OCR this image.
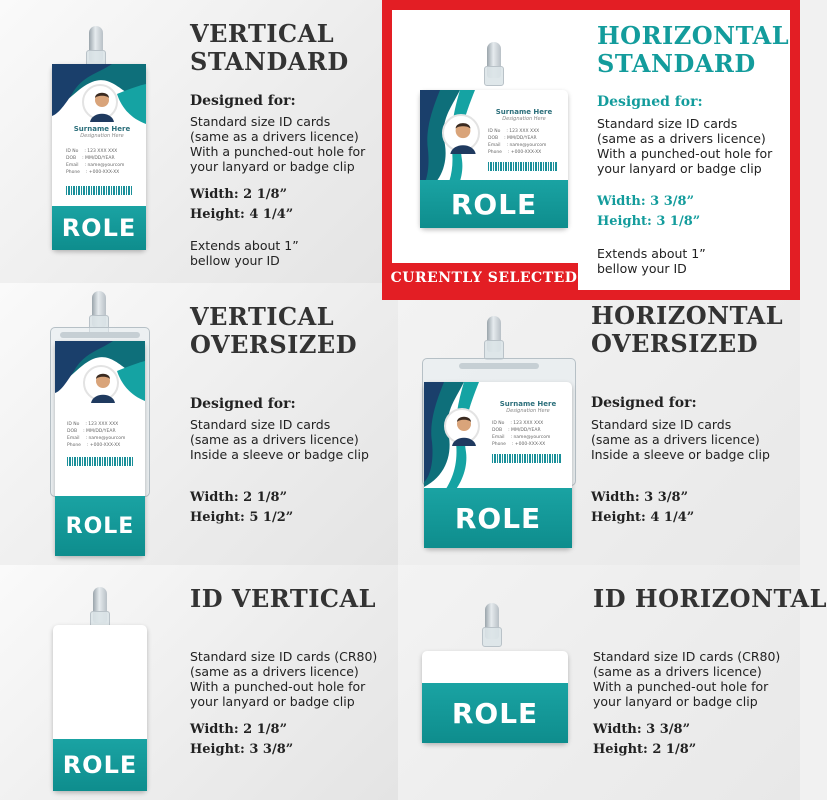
Surname Here
Designation Here
ID No : 123 XXX XXX
DOB : MM/DD/YEAR
Email : name@yourcom
Phone : +000-XXX-XX
ROLE
VERTICAL
STANDARD
Designed for:
Standard size ID cards
(same as a drivers licence)
With a punched-out hole for
your lanyard or badge clip
Width: 2 1/8”
Height: 4 1/4”
Extends about 1”
bellow your ID
ID No : 123 XXX XXX
DOB : MM/DD/YEAR
Email : name@yourcom
Phone : +000-XXX-XX
ROLE
VERTICAL
OVERSIZED
Designed for:
Standard size ID cards
(same as a drivers licence)
Inside a sleeve or badge clip
Width: 2 1/8”
Height: 5 1/2”
ROLE
ID VERTICAL
Standard size ID cards (CR80)
(same as a drivers licence)
With a punched-out hole for
your lanyard or badge clip
Width: 2 1/8”
Height: 3 3/8”
Surname Here
Designation Here
ID No : 123 XXX XXX
DOB : MM/DD/YEAR
Email : name@yourcom
Phone : +000-XXX-XX
ROLE
HORIZONTAL
OVERSIZED
Designed for:
Standard size ID cards
(same as a drivers licence)
Inside a sleeve or badge clip
Width: 3 3/8”
Height: 4 1/4”
ROLE
ID HORIZONTAL
Standard size ID cards (CR80)
(same as a drivers licence)
With a punched-out hole for
your lanyard or badge clip
Width: 3 3/8”
Height: 2 1/8”
Surname Here
Designation Here
ID No : 123 XXX XXX
DOB : MM/DD/YEAR
Email : name@yourcom
Phone : +000-XXX-XX
ROLE
HORIZONTAL
STANDARD
Designed for:
Standard size ID cards
(same as a drivers licence)
With a punched-out hole for
your lanyard or badge clip
Width: 3 3/8”
Height: 3 1/8”
Extends about 1”
bellow your ID
CURENTLY SELECTED
